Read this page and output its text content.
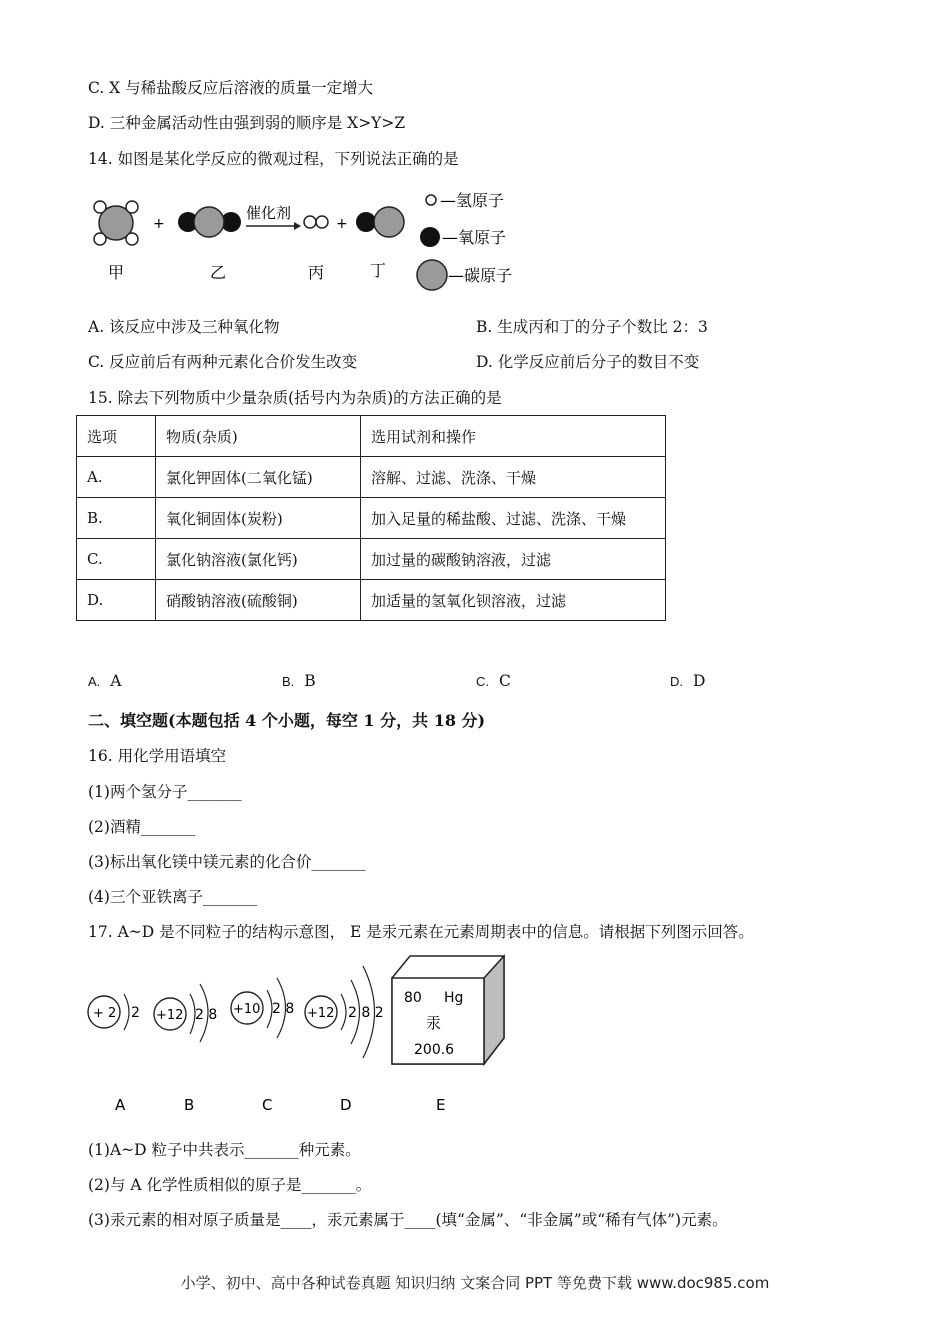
C. X 与稀盐酸反应后溶液的质量一定增大
D. 三种金属活动性由强到弱的顺序是 X>Y>Z
14. 如图是某化学反应的微观过程，下列说法正确的是
+
催化剂
+
甲	乙	丙	丁
—氢原子
—氧原子
—碳原子
A. 该反应中涉及三种氧化物	B. 生成丙和丁的分子个数比 2：3
C. 反应前后有两种元素化合价发生改变	D. 化学反应前后分子的数目不变
15. 除去下列物质中少量杂质(括号内为杂质)的方法正确的是
选项	物质(杂质)	选用试剂和操作
A.	氯化钾固体(二氧化锰)	溶解、过滤、洗涤、干燥
B.	氧化铜固体(炭粉)	加入足量的稀盐酸、过滤、洗涤、干燥
C.	氯化钠溶液(氯化钙)	加过量的碳酸钠溶液，过滤
D.	硝酸钠溶液(硫酸铜)	加适量的氢氧化钡溶液，过滤
A. A	B. B	C. C	D. D
二、填空题(本题包括 4 个小题，每空 1 分，共 18 分)
16. 用化学用语填空
(1)两个氢分子_______
(2)酒精_______
(3)标出氧化镁中镁元素的化合价_______
(4)三个亚铁离子_______
17. A~D 是不同粒子的结构示意图， E 是汞元素在元素周期表中的信息。请根据下列图示回答。
+ 2 2 +12 2 8 +10 2 8 +12 2 8 2
80 Hg
汞
200.6
A	B	C	D	E
(1)A~D 粒子中共表示_______种元素。
(2)与 A 化学性质相似的原子是_______。
(3)汞元素的相对原子质量是____，汞元素属于____(填“金属”、“非金属”或“稀有气体”)元素。
小学、初中、高中各种试卷真题 知识归纳 文案合同 PPT 等免费下载 www.doc985.com
